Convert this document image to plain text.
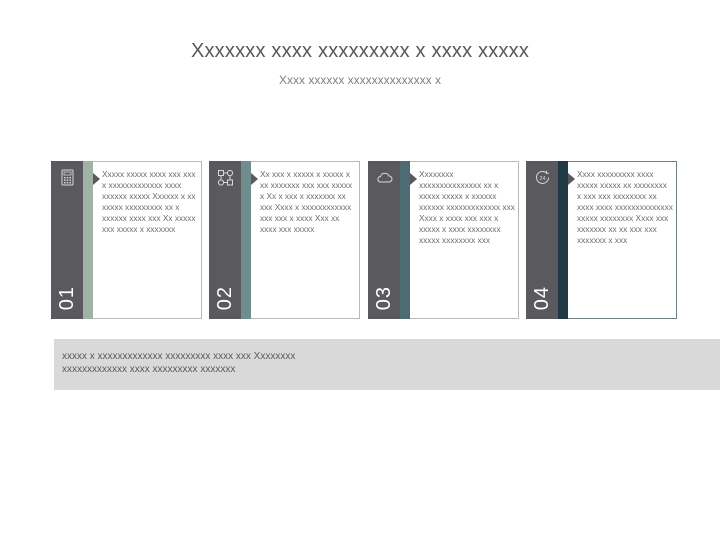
Xxxxxxx xxxx xxxxxxxxx x xxxx xxxxx
Xxxx xxxxxx xxxxxxxxxxxxxx x
01
Xxxxx xxxxx xxxx xxx xxx x xxxxxxxxxxxxx xxxx xxxxxx xxxxx Xxxxxx x xx xxxxx xxxxxxxxx xx x xxxxxx xxxx xxx Xx xxxxx xxx xxxxx x xxxxxxx
02
Xx xxx x xxxxx x xxxxx x xx xxxxxxx xxx xxx xxxxx x Xx x xxx x xxxxxxx xx xxx Xxxx x xxxxxxxxxxxx xxx xxx x xxxx Xxx xx xxxx xxx xxxxx
03
Xxxxxxxx xxxxxxxxxxxxxxx xx x xxxxx xxxxx x xxxxxx xxxxxx xxxxxxxxxxxxx xxx Xxxx x xxxx xxx xxx x xxxxx x xxxx xxxxxxxx xxxxx xxxxxxxx xxx
24
04
Xxxx xxxxxxxxx xxxx xxxxx xxxxx xx xxxxxxxx x xxx xxx xxxxxxxx xx xxxx xxxx xxxxxxxxxxxxxx xxxxx xxxxxxxx Xxxx xxx xxxxxxx xx xx xxx xxx xxxxxxx x xxx
xxxxx x xxxxxxxxxxxxx xxxxxxxxx xxxx xxx Xxxxxxxx xxxxxxxxxxxxx xxxx xxxxxxxxx xxxxxxx
